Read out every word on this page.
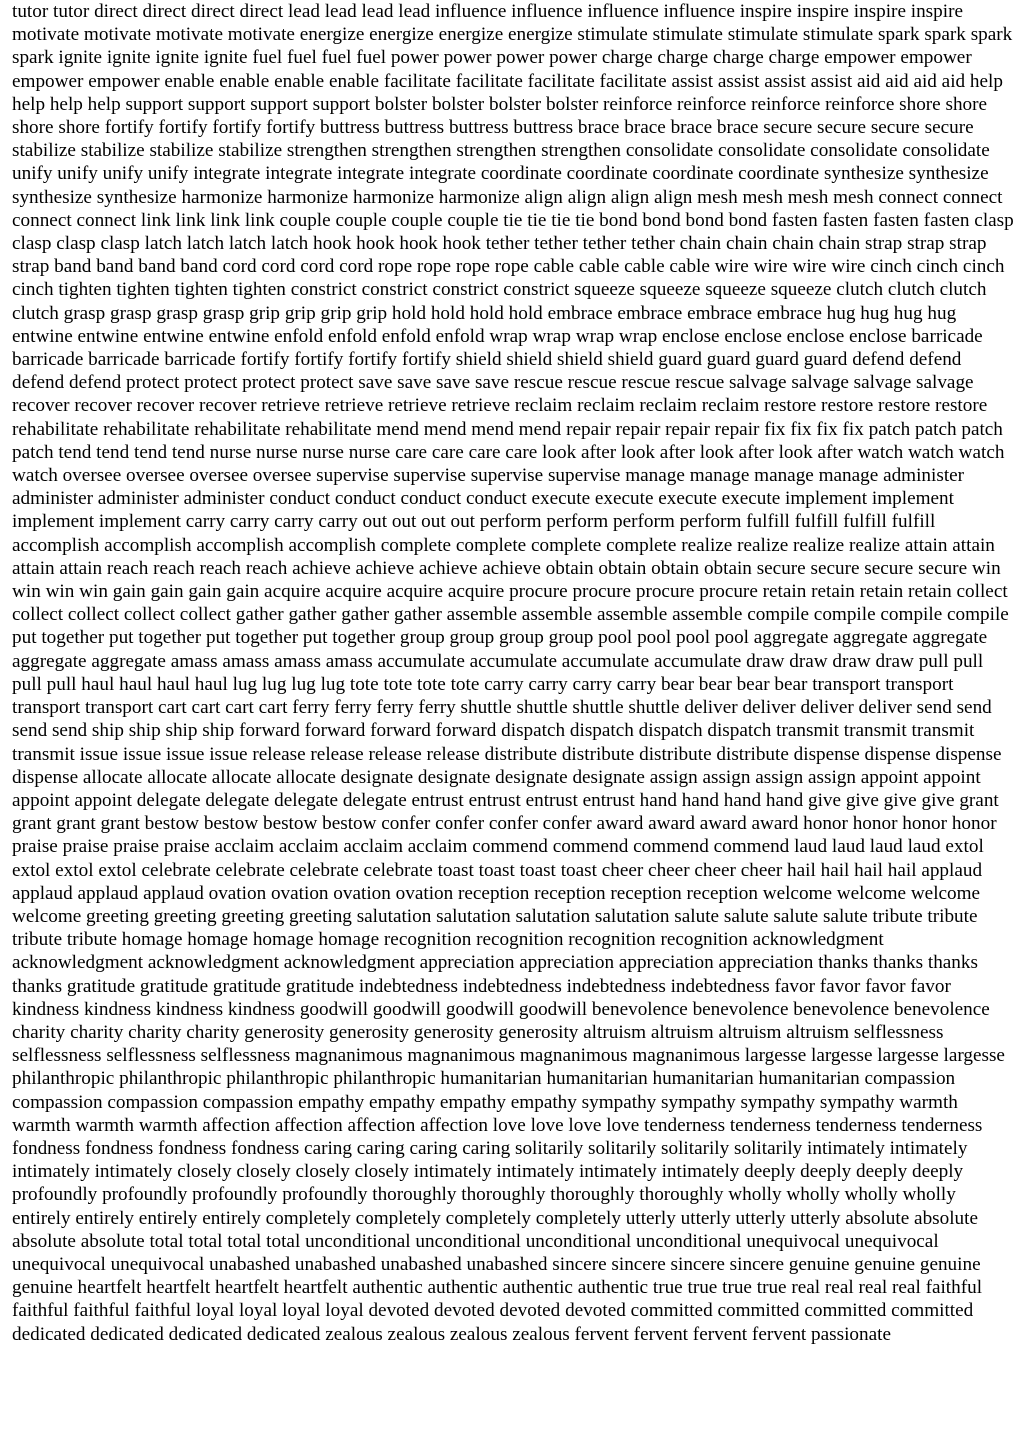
tutor tutor direct direct direct direct lead lead lead lead influence influence influence influence inspire inspire inspire inspire motivate motivate motivate motivate energize energize energize energize stimulate stimulate stimulate stimulate spark spark spark spark ignite ignite ignite ignite fuel fuel fuel fuel power power power power charge charge charge charge empower empower empower empower enable enable enable enable facilitate facilitate facilitate facilitate assist assist assist assist aid aid aid aid help help help help support support support support bolster bolster bolster bolster reinforce reinforce reinforce reinforce shore shore shore shore fortify fortify fortify fortify buttress buttress buttress buttress brace brace brace brace secure secure secure secure stabilize stabilize stabilize stabilize strengthen strengthen strengthen strengthen consolidate consolidate consolidate consolidate unify unify unify unify integrate integrate integrate integrate coordinate coordinate coordinate coordinate synthesize synthesize synthesize synthesize harmonize harmonize harmonize harmonize align align align align mesh mesh mesh mesh connect connect connect connect link link link link couple couple couple couple tie tie tie tie bond bond bond bond fasten fasten fasten fasten clasp clasp clasp clasp latch latch latch latch hook hook hook hook tether tether tether tether chain chain chain chain strap strap strap strap band band band band cord cord cord cord rope rope rope rope cable cable cable cable wire wire wire wire cinch cinch cinch cinch tighten tighten tighten tighten constrict constrict constrict constrict squeeze squeeze squeeze squeeze clutch clutch clutch clutch grasp grasp grasp grasp grip grip grip grip hold hold hold hold embrace embrace embrace embrace hug hug hug hug entwine entwine entwine entwine enfold enfold enfold enfold wrap wrap wrap wrap enclose enclose enclose enclose barricade barricade barricade barricade fortify fortify fortify fortify shield shield shield shield guard guard guard guard defend defend defend defend protect protect protect protect save save save save rescue rescue rescue rescue salvage salvage salvage salvage recover recover recover recover retrieve retrieve retrieve retrieve reclaim reclaim reclaim reclaim restore restore restore restore rehabilitate rehabilitate rehabilitate rehabilitate mend mend mend mend repair repair repair repair fix fix fix fix patch patch patch patch tend tend tend tend nurse nurse nurse nurse care care care care look after look after look after look after watch watch watch watch oversee oversee oversee oversee supervise supervise supervise supervise manage manage manage manage administer administer administer administer conduct conduct conduct conduct execute execute execute execute implement implement implement implement carry carry carry carry out out out out perform perform perform perform fulfill fulfill fulfill fulfill accomplish accomplish accomplish accomplish complete complete complete complete realize realize realize realize attain attain attain attain reach reach reach reach achieve achieve achieve achieve obtain obtain obtain obtain secure secure secure secure win win win win gain gain gain gain acquire acquire acquire acquire procure procure procure procure retain retain retain retain collect collect collect collect collect gather gather gather gather assemble assemble assemble assemble compile compile compile compile put together put together put together put together group group group group pool pool pool pool aggregate aggregate aggregate aggregate aggregate amass amass amass amass accumulate accumulate accumulate accumulate draw draw draw draw pull pull pull pull haul haul haul haul lug lug lug lug tote tote tote tote carry carry carry carry bear bear bear bear transport transport transport transport cart cart cart cart ferry ferry ferry ferry shuttle shuttle shuttle shuttle deliver deliver deliver deliver send send send send ship ship ship ship forward forward forward forward dispatch dispatch dispatch dispatch transmit transmit transmit transmit issue issue issue issue release release release release distribute distribute distribute distribute dispense dispense dispense dispense allocate allocate allocate allocate designate designate designate designate assign assign assign assign appoint appoint appoint appoint delegate delegate delegate delegate entrust entrust entrust entrust hand hand hand hand give give give give grant grant grant grant bestow bestow bestow bestow confer confer confer confer award award award award honor honor honor honor praise praise praise praise acclaim acclaim acclaim acclaim commend commend commend commend laud laud laud laud extol extol extol extol celebrate celebrate celebrate celebrate toast toast toast toast cheer cheer cheer cheer hail hail hail hail applaud applaud applaud applaud ovation ovation ovation ovation reception reception reception reception welcome welcome welcome welcome greeting greeting greeting greeting salutation salutation salutation salutation salute salute salute salute tribute tribute tribute tribute homage homage homage homage recognition recognition recognition recognition acknowledgment acknowledgment acknowledgment acknowledgment appreciation appreciation appreciation appreciation thanks thanks thanks thanks gratitude gratitude gratitude gratitude indebtedness indebtedness indebtedness indebtedness favor favor favor favor kindness kindness kindness kindness goodwill goodwill goodwill goodwill benevolence benevolence benevolence benevolence charity charity charity charity generosity generosity generosity generosity altruism altruism altruism altruism selflessness selflessness selflessness selflessness magnanimous magnanimous magnanimous magnanimous largesse largesse largesse largesse philanthropic philanthropic philanthropic philanthropic humanitarian humanitarian humanitarian humanitarian compassion compassion compassion compassion empathy empathy empathy empathy sympathy sympathy sympathy sympathy warmth warmth warmth warmth affection affection affection affection love love love love tenderness tenderness tenderness tenderness fondness fondness fondness fondness caring caring caring caring solitarily solitarily solitarily solitarily intimately intimately intimately intimately closely closely closely closely intimately intimately intimately intimately deeply deeply deeply deeply profoundly profoundly profoundly profoundly thoroughly thoroughly thoroughly thoroughly wholly wholly wholly wholly entirely entirely entirely entirely completely completely completely completely utterly utterly utterly utterly absolute absolute absolute absolute total total total total unconditional unconditional unconditional unconditional unequivocal unequivocal unequivocal unequivocal unabashed unabashed unabashed unabashed sincere sincere sincere sincere genuine genuine genuine genuine heartfelt heartfelt heartfelt heartfelt authentic authentic authentic authentic true true true true real real real real faithful faithful faithful faithful loyal loyal loyal loyal devoted devoted devoted devoted committed committed committed committed dedicated dedicated dedicated dedicated zealous zealous zealous zealous fervent fervent fervent fervent passionate
